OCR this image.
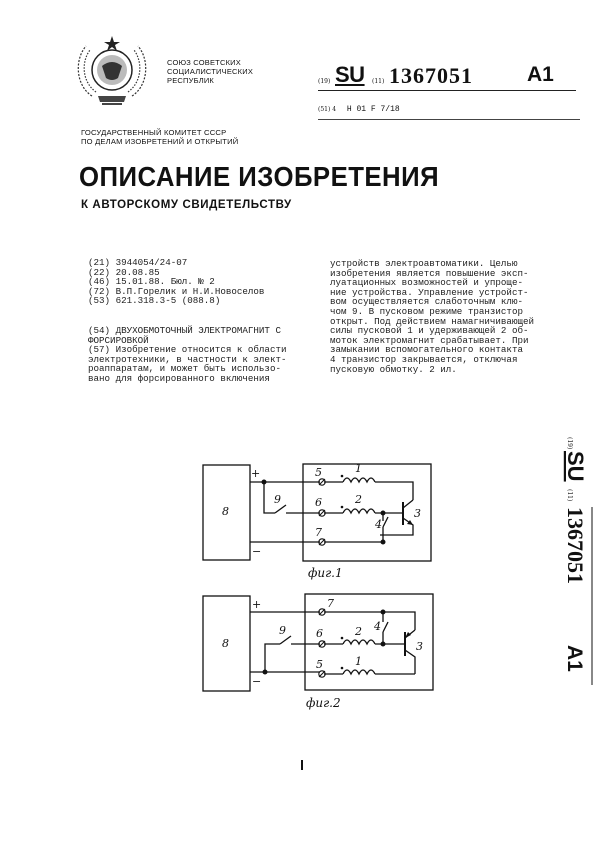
СОЮЗ СОВЕТСКИХ
СОЦИАЛИСТИЧЕСКИХ
РЕСПУБЛИК	(19) SU (11) 1367051	A1
(51) 4 H 01 F 7/18
ГОСУДАРСТВЕННЫЙ КОМИТЕТ СССР
ПО ДЕЛАМ ИЗОБРЕТЕНИЙ И ОТКРЫТИЙ
ОПИСАНИЕ ИЗОБРЕТЕНИЯ
К АВТОРСКОМУ СВИДЕТЕЛЬСТВУ
(21) 3944054/24-07
(22) 20.08.85
(46) 15.01.88. Бюл. № 2
(72) В.П.Горелик и Н.И.Новоселов
(53) 621.318.3-5 (088.8)
(54) ДВУХОБМОТОЧНЫЙ ЭЛЕКТРОМАГНИТ С
ФОРСИРОВКОЙ
(57) Изобретение относится к области
электротехники, в частности к элект-
роаппаратам, и может быть использо-
вано для форсированного включения
устройств электроавтоматики. Целью
изобретения является повышение эксп-
луатационных возможностей и упроще-
ние устройства. Управление устройст-
вом осуществляется слаботочным клю-
чом 9. В пусковом режиме транзистор
открыт. Под действием намагничивающей
силы пусковой 1 и удерживающей 2 об-
моток электромагнит срабатывает. При
замыкании вспомогательного контакта
4 транзистор закрывается, отключая
пусковую обмотку. 2 ил.
8
+
−
9
5
6
7
1
2
3
4
фиг.1
8
+
−
9
7
6
5	1
2
3
4
фиг.2
(19)
SU
(11)
1367051
A1
